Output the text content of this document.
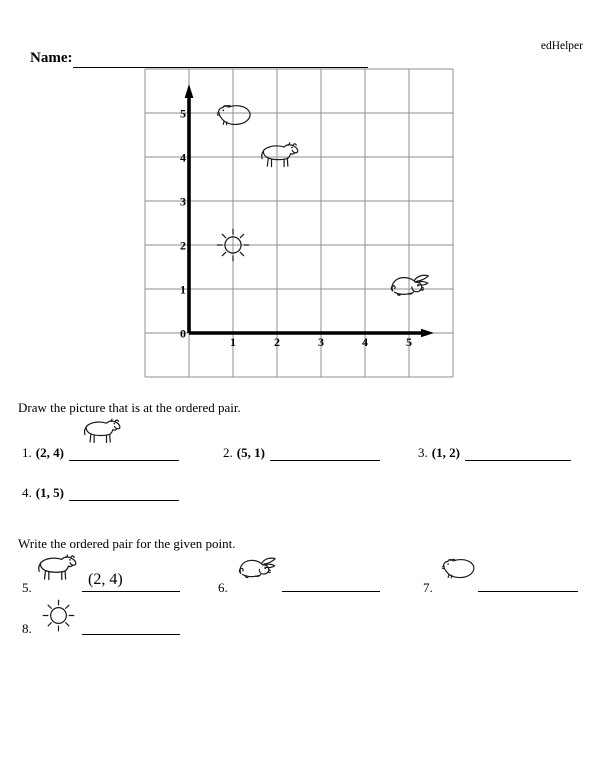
edHelper
Name:
5
4
3
2
1
0
1	2	3	4	5
Draw the picture that is at the ordered pair.
1. (2, 4)	2. (5, 1)	3. (1, 2)
4. (1, 5)
Write the ordered pair for the given point.
5.	(2, 4)	6.	7.
8.
